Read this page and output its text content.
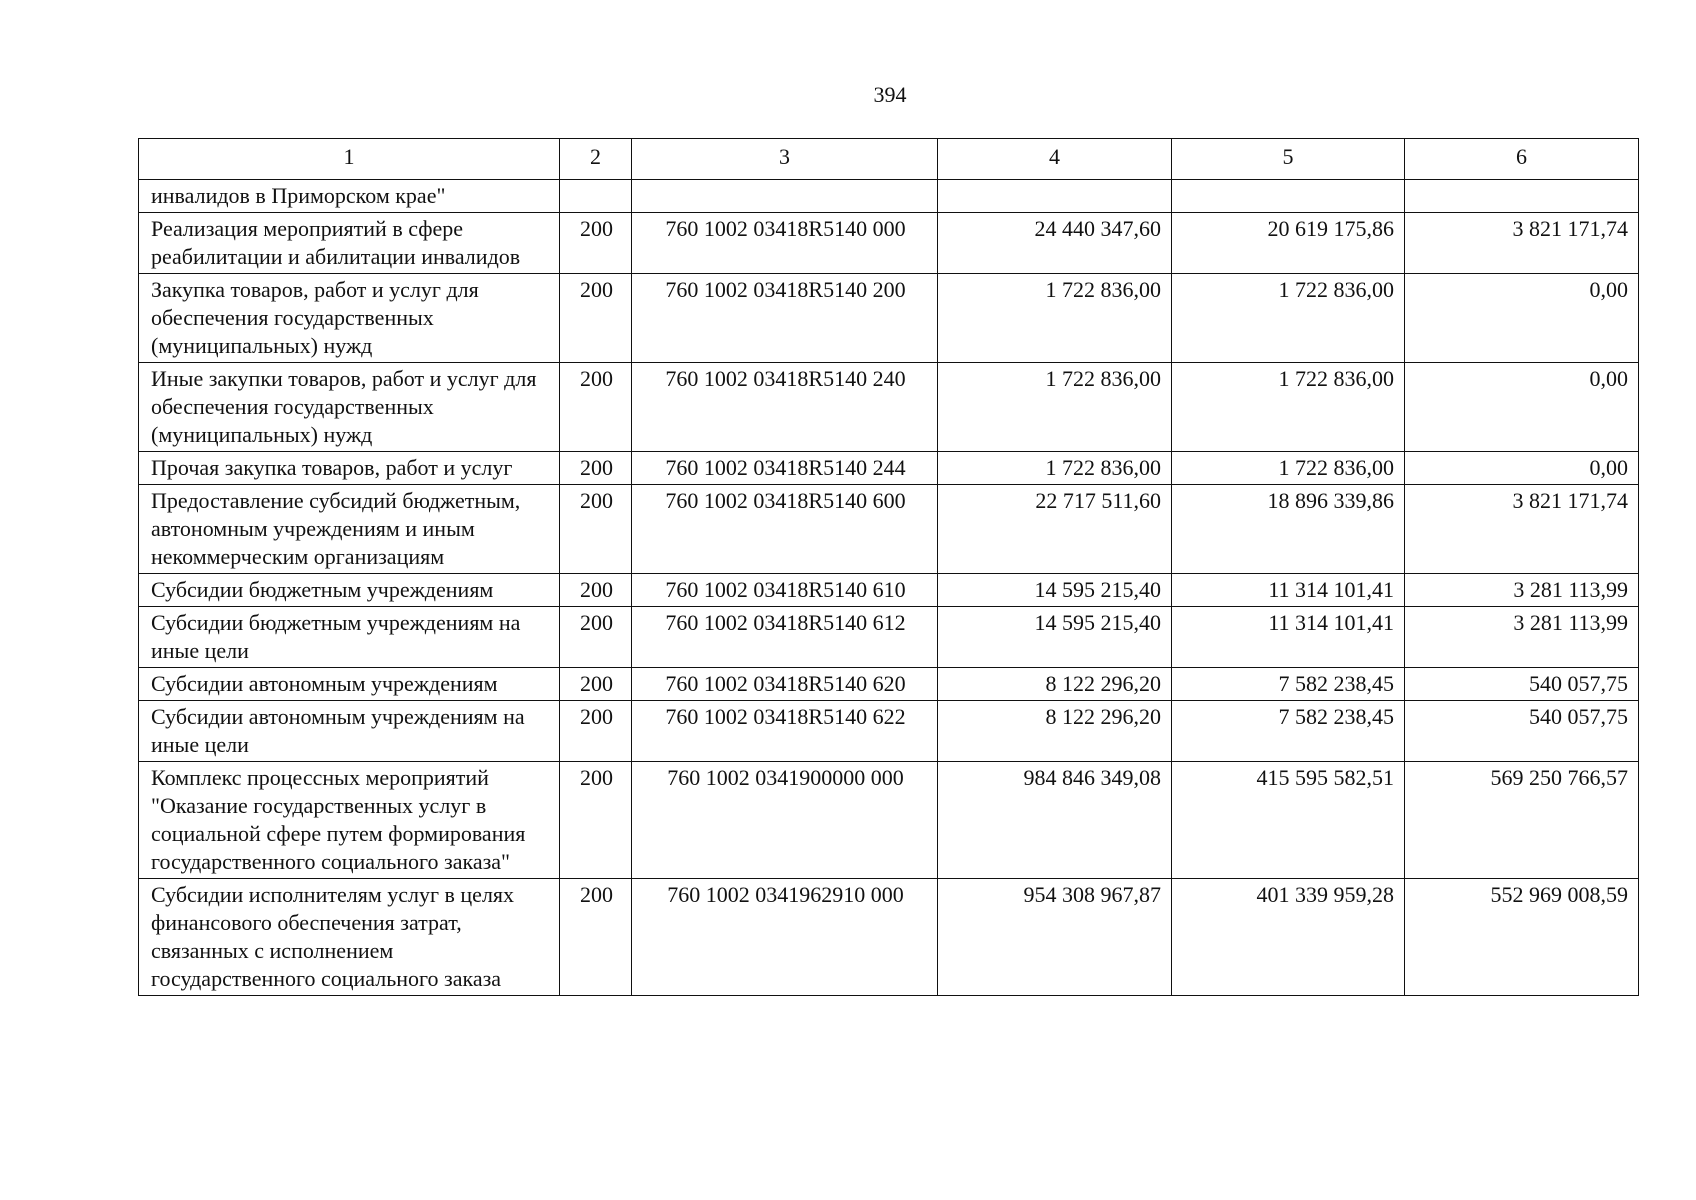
394
1	2	3	4	5	6
инвалидов в Приморском крае"					
Реализация мероприятий в сфере реабилитации и абилитации инвалидов	200	760 1002 03418R5140 000	24 440 347,60	20 619 175,86	3 821 171,74
Закупка товаров, работ и услуг для обеспечения государственных (муниципальных) нужд	200	760 1002 03418R5140 200	1 722 836,00	1 722 836,00	0,00
Иные закупки товаров, работ и услуг для обеспечения государственных (муниципальных) нужд	200	760 1002 03418R5140 240	1 722 836,00	1 722 836,00	0,00
Прочая закупка товаров, работ и услуг	200	760 1002 03418R5140 244	1 722 836,00	1 722 836,00	0,00
Предоставление субсидий бюджетным, автономным учреждениям и иным некоммерческим организациям	200	760 1002 03418R5140 600	22 717 511,60	18 896 339,86	3 821 171,74
Субсидии бюджетным учреждениям	200	760 1002 03418R5140 610	14 595 215,40	11 314 101,41	3 281 113,99
Субсидии бюджетным учреждениям на иные цели	200	760 1002 03418R5140 612	14 595 215,40	11 314 101,41	3 281 113,99
Субсидии автономным учреждениям	200	760 1002 03418R5140 620	8 122 296,20	7 582 238,45	540 057,75
Субсидии автономным учреждениям на иные цели	200	760 1002 03418R5140 622	8 122 296,20	7 582 238,45	540 057,75
Комплекс процессных мероприятий "Оказание государственных услуг в социальной сфере путем формирования государственного социального заказа"	200	760 1002 0341900000 000	984 846 349,08	415 595 582,51	569 250 766,57
Субсидии исполнителям услуг в целях финансового обеспечения затрат, связанных с исполнением государственного социального заказа	200	760 1002 0341962910 000	954 308 967,87	401 339 959,28	552 969 008,59
